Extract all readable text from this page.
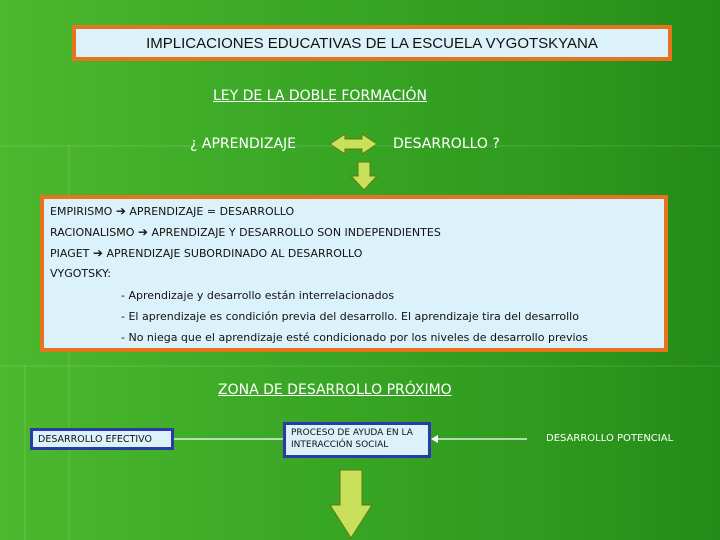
IMPLICACIONES EDUCATIVAS DE LA ESCUELA VYGOTSKYANA
LEY DE LA DOBLE FORMACIÓN
¿ APRENDIZAJE	DESARROLLO ?
EMPIRISMO ➔ APRENDIZAJE = DESARROLLO
RACIONALISMO ➔ APRENDIZAJE Y DESARROLLO SON INDEPENDIENTES
PIAGET ➔ APRENDIZAJE SUBORDINADO AL DESARROLLO
VYGOTSKY:
- Aprendizaje y desarrollo están interrelacionados
- El aprendizaje es condición previa del desarrollo. El aprendizaje tira del desarrollo
- No niega que el aprendizaje esté condicionado por los niveles de desarrollo previos
ZONA DE DESARROLLO PRÓXIMO
DESARROLLO EFECTIVO
PROCESO DE AYUDA EN LA INTERACCIÓN SOCIAL
DESARROLLO POTENCIAL
